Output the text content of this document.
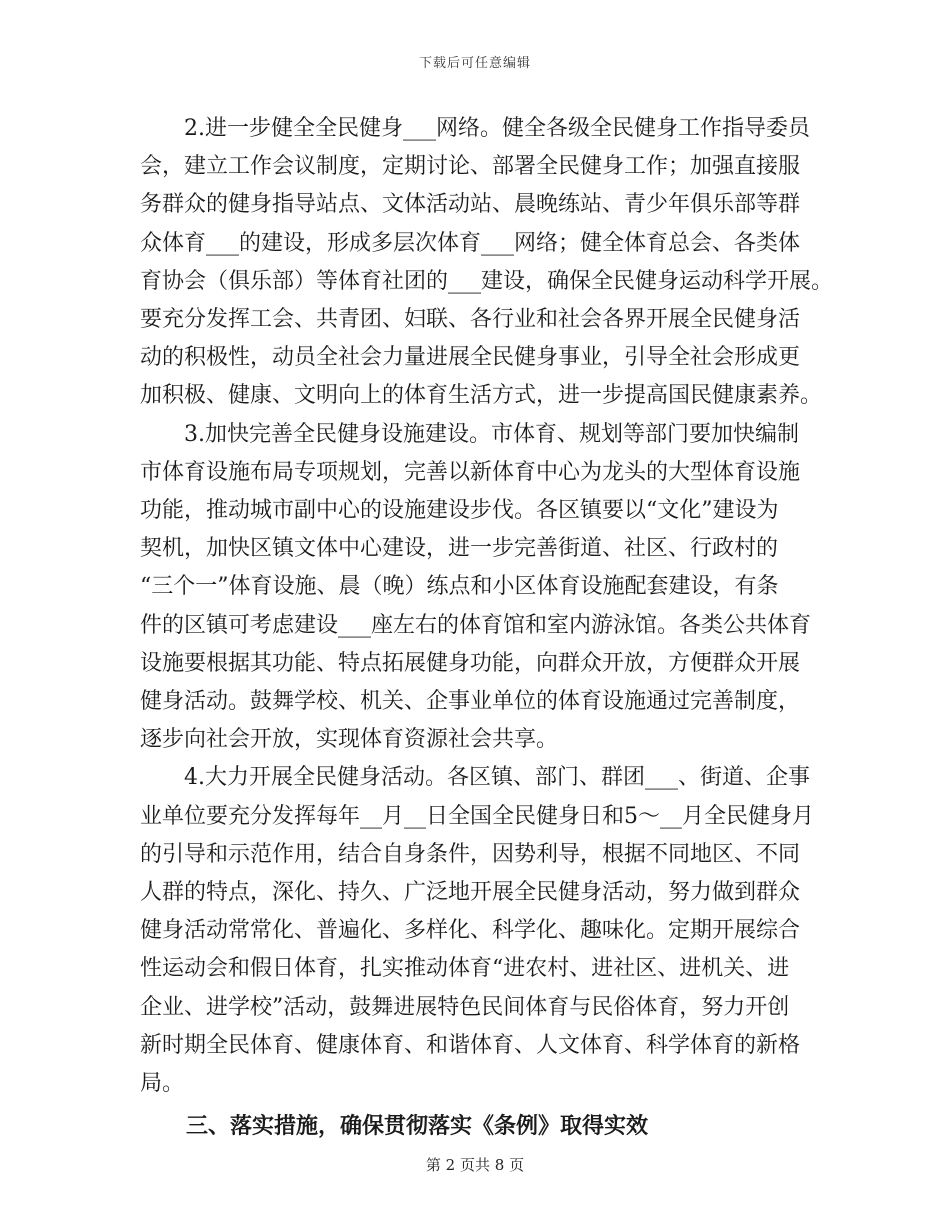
下载后可任意编辑
2.进一步健全全民健身___网络。健全各级全民健身工作指导委员
会，建立工作会议制度，定期讨论、部署全民健身工作；加强直接服
务群众的健身指导站点、文体活动站、晨晚练站、青少年俱乐部等群
众体育___的建设，形成多层次体育___网络；健全体育总会、各类体
育协会（俱乐部）等体育社团的___建设，确保全民健身运动科学开展。
要充分发挥工会、共青团、妇联、各行业和社会各界开展全民健身活
动的积极性，动员全社会力量进展全民健身事业，引导全社会形成更
加积极、健康、文明向上的体育生活方式，进一步提高国民健康素养。
3.加快完善全民健身设施建设。市体育、规划等部门要加快编制
市体育设施布局专项规划，完善以新体育中心为龙头的大型体育设施
功能，推动城市副中心的设施建设步伐。各区镇要以“文化”建设为
契机，加快区镇文体中心建设，进一步完善街道、社区、行政村的
“三个一”体育设施、晨（晚）练点和小区体育设施配套建设，有条
件的区镇可考虑建设___座左右的体育馆和室内游泳馆。各类公共体育
设施要根据其功能、特点拓展健身功能，向群众开放，方便群众开展
健身活动。鼓舞学校、机关、企事业单位的体育设施通过完善制度，
逐步向社会开放，实现体育资源社会共享。
4.大力开展全民健身活动。各区镇、部门、群团___、街道、企事
业单位要充分发挥每年__月__日全国全民健身日和5～__月全民健身月
的引导和示范作用，结合自身条件，因势利导，根据不同地区、不同
人群的特点，深化、持久、广泛地开展全民健身活动，努力做到群众
健身活动常常化、普遍化、多样化、科学化、趣味化。定期开展综合
性运动会和假日体育，扎实推动体育“进农村、进社区、进机关、进
企业、进学校”活动，鼓舞进展特色民间体育与民俗体育，努力开创
新时期全民体育、健康体育、和谐体育、人文体育、科学体育的新格
局。
三、落实措施，确保贯彻落实《条例》取得实效
第 2 页共 8 页
